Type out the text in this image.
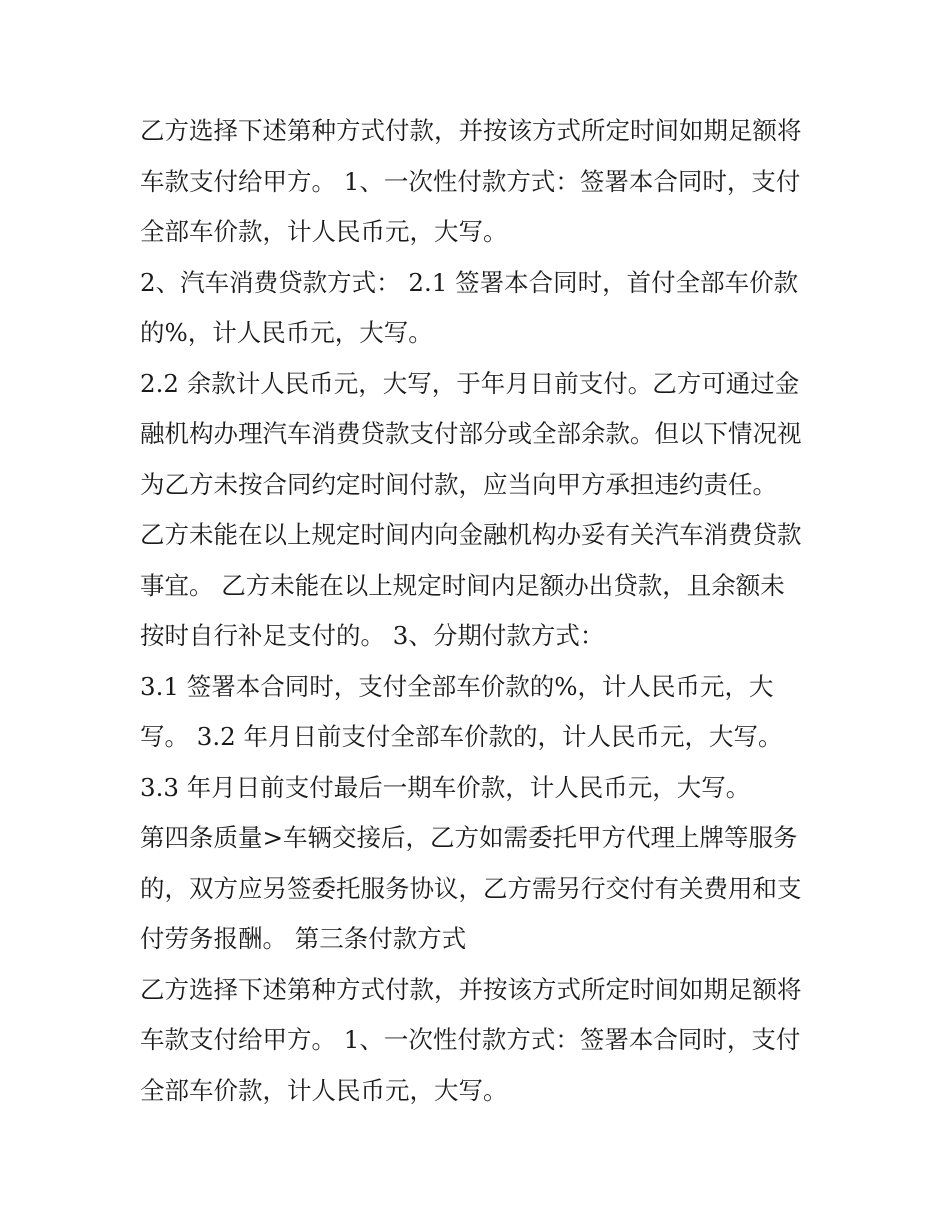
乙方选择下述第种方式付款，并按该方式所定时间如期足额将
车款支付给甲方。 1、一次性付款方式：签署本合同时，支付
全部车价款，计人民币元，大写。

2、汽车消费贷款方式： 2.1 签署本合同时，首付全部车价款
的%，计人民币元，大写。

2.2 余款计人民币元，大写，于年月日前支付。乙方可通过金
融机构办理汽车消费贷款支付部分或全部余款。但以下情况视
为乙方未按合同约定时间付款，应当向甲方承担违约责任。

乙方未能在以上规定时间内向金融机构办妥有关汽车消费贷款
事宜。 乙方未能在以上规定时间内足额办出贷款，且余额未
按时自行补足支付的。 3、分期付款方式：

3.1 签署本合同时，支付全部车价款的%，计人民币元，大
写。 3.2 年月日前支付全部车价款的，计人民币元，大写。

3.3 年月日前支付最后一期车价款，计人民币元，大写。

第四条质量>车辆交接后，乙方如需委托甲方代理上牌等服务
的，双方应另签委托服务协议，乙方需另行交付有关费用和支
付劳务报酬。 第三条付款方式

乙方选择下述第种方式付款，并按该方式所定时间如期足额将
车款支付给甲方。 1、一次性付款方式：签署本合同时，支付
全部车价款，计人民币元，大写。
